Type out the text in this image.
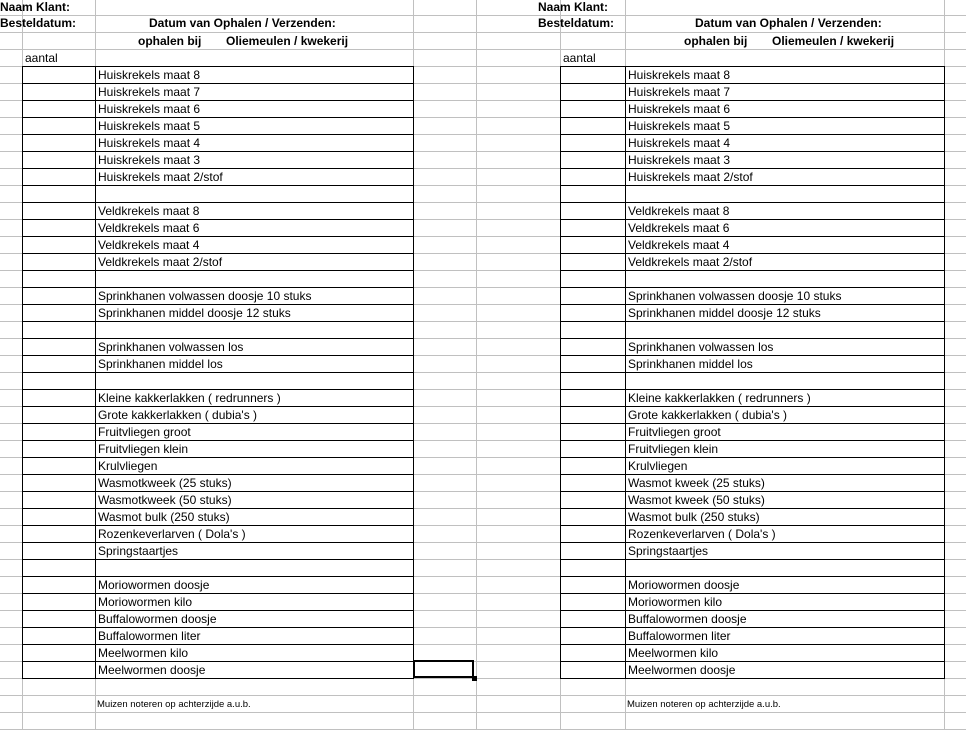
Naam Klant:
Besteldatum:	Datum van Ophalen / Verzenden:
ophalen bij Oliemeulen / kwekerij
aantal
Muizen noteren op achterzijde a.u.b.
Naam Klant:
Besteldatum:	Datum van Ophalen / Verzenden:
ophalen bij Oliemeulen / kwekerij
aantal
Muizen noteren op achterzijde a.u.b.
Huiskrekels maat 8
Huiskrekels maat 7
Huiskrekels maat 6
Huiskrekels maat 5
Huiskrekels maat 4
Huiskrekels maat 3
Huiskrekels maat 2/stof
Veldkrekels maat 8
Veldkrekels maat 6
Veldkrekels maat 4
Veldkrekels maat 2/stof
Sprinkhanen volwassen doosje 10 stuks
Sprinkhanen middel doosje 12 stuks
Sprinkhanen volwassen los
Sprinkhanen middel los
Kleine kakkerlakken ( redrunners )
Grote kakkerlakken ( dubia's )
Fruitvliegen groot
Fruitvliegen klein
Krulvliegen
Wasmotkweek (25 stuks)
Wasmotkweek (50 stuks)
Wasmot bulk (250 stuks)
Rozenkeverlarven ( Dola's )
Springstaartjes
Moriowormen doosje
Moriowormen kilo
Buffalowormen doosje
Buffalowormen liter
Meelwormen kilo
Meelwormen doosje
Huiskrekels maat 8
Huiskrekels maat 7
Huiskrekels maat 6
Huiskrekels maat 5
Huiskrekels maat 4
Huiskrekels maat 3
Huiskrekels maat 2/stof
Veldkrekels maat 8
Veldkrekels maat 6
Veldkrekels maat 4
Veldkrekels maat 2/stof
Sprinkhanen volwassen doosje 10 stuks
Sprinkhanen middel doosje 12 stuks
Sprinkhanen volwassen los
Sprinkhanen middel los
Kleine kakkerlakken ( redrunners )
Grote kakkerlakken ( dubia's )
Fruitvliegen groot
Fruitvliegen klein
Krulvliegen
Wasmot kweek (25 stuks)
Wasmot kweek (50 stuks)
Wasmot bulk (250 stuks)
Rozenkeverlarven ( Dola's )
Springstaartjes
Moriowormen doosje
Moriowormen kilo
Buffalowormen doosje
Buffalowormen liter
Meelwormen kilo
Meelwormen doosje
